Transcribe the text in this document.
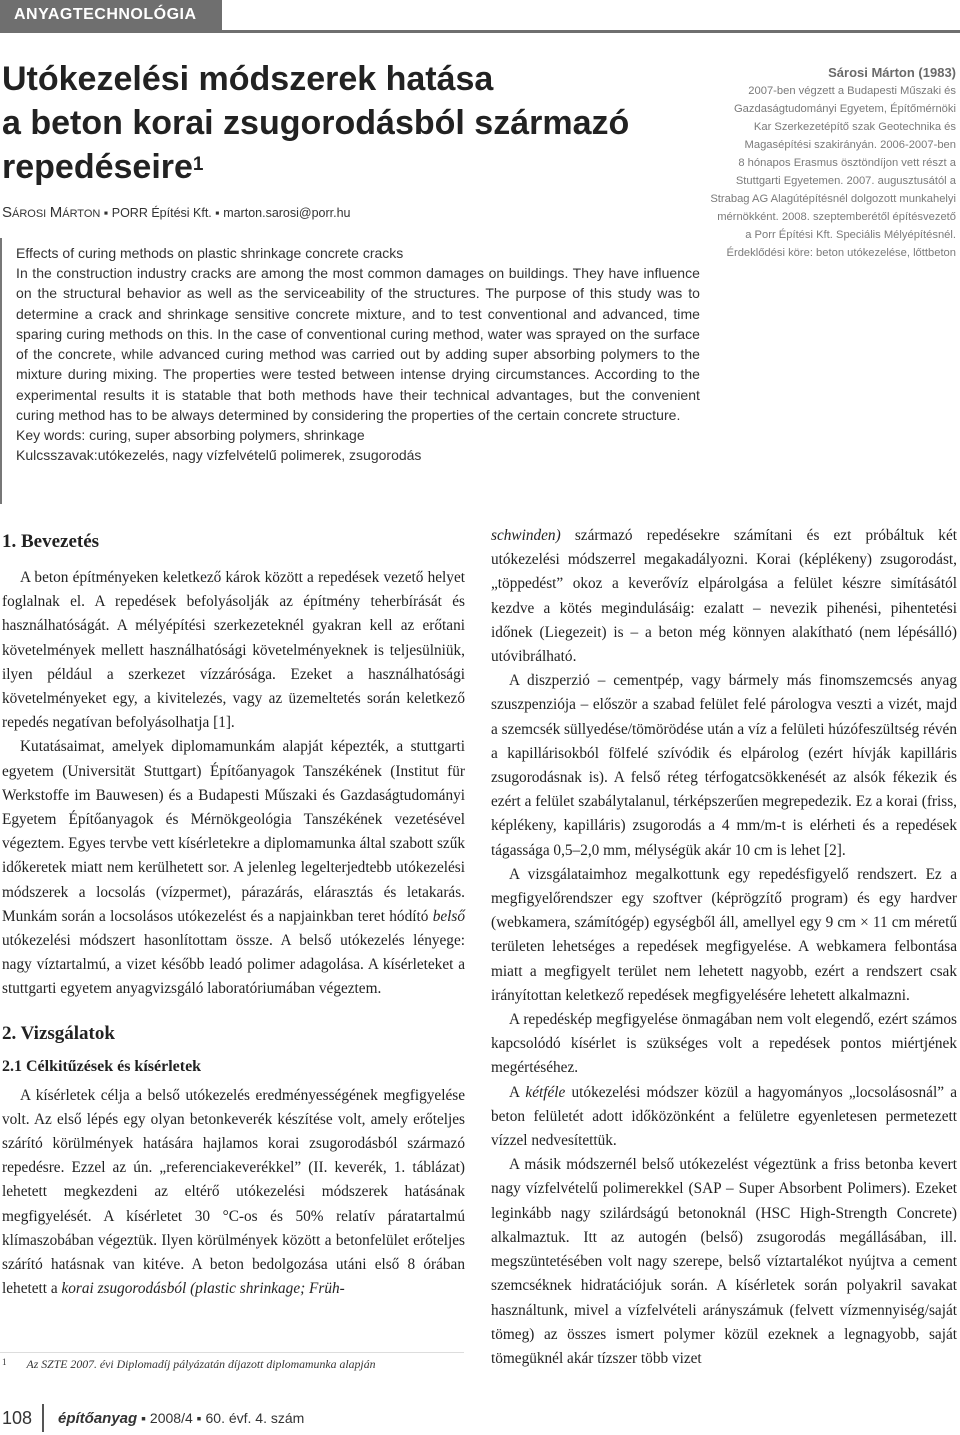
ANYAGTECHNOLÓGIA
Utókezelési módszerek hatása
a beton korai zsugorodásból származó
repedéseire$^1$
Sárosi Márton ▪ PORR Építési Kft. ▪ marton.sarosi@porr.hu
Sárosi Márton (1983)
2007-ben végzett a Budapesti Műszaki és
Gazdaságtudományi Egyetem, Építőmérnöki
Kar Szerkezetépítő szak Geotechnika és
Magasépítési szakirányán. 2006-2007-ben
8 hónapos Erasmus ösztöndíjon vett részt a
Stuttgarti Egyetemen. 2007. augusztusától a
Strabag AG Alagútépítésnél dolgozott munkahelyi
mérnökként. 2008. szeptemberétől építésvezető
a Porr Építési Kft. Speciális Mélyépítésnél.
Érdeklődési köre: beton utókezelése, lőttbeton
Effects of curing methods on plastic shrinkage concrete cracks
In the construction industry cracks are among the most common damages on buildings. They have influence on the structural behavior as well as the serviceability of the structures. The purpose of this study was to determine a crack and shrinkage sensitive concrete mixture, and to test conventional and advanced, time sparing curing methods on this. In the case of conventional curing method, water was sprayed on the surface of the concrete, while advanced curing method was carried out by adding super absorbing polymers to the mixture during mixing. The properties were tested between intense drying circumstances. According to the experimental results it is statable that both methods have their technical advantages, but the convenient curing method has to be always determined by considering the properties of the certain concrete structure.
Key words: curing, super absorbing polymers, shrinkage
Kulcsszavak:utókezelés, nagy vízfelvételű polimerek, zsugorodás
1. Bevezetés

A beton építményeken keletkező károk között a repedések vezető helyet foglalnak el. A repedések befolyásolják az építmény teherbírását és használhatóságát. A mélyépítési szerkezeteknél gyakran kell az erőtani követelmények mellett használhatósági követelményeknek is teljesülniük, ilyen például a szerkezet vízzárósága. Ezeket a használhatósági követelményeket egy, a kivitelezés, vagy az üzemeltetés során keletkező repedés negatívan befolyásolhatja [1].

Kutatásaimat, amelyek diplomamunkám alapját képezték, a stuttgarti egyetem (Universität Stuttgart) Építőanyagok Tanszékének (Institut für Werkstoffe im Bauwesen) és a Budapesti Műszaki és Gazdaságtudományi Egyetem Építőanyagok és Mérnökgeológia Tanszékének vezetésével végeztem. Egyes tervbe vett kísérletekre a diplomamunka által szabott szűk időkeretek miatt nem kerülhetett sor. A jelenleg legelterjedtebb utókezelési módszerek a locsolás (vízpermet), párazárás, elárasztás és letakarás. Munkám során a locsolásos utókezelést és a napjainkban teret hódító belső utókezelési módszert hasonlítottam össze. A belső utókezelés lényege: nagy víztartalmú, a vizet később leadó polimer adagolása. A kísérleteket a stuttgarti egyetem anyagvizsgáló laboratóriumában végeztem.

2. Vizsgálatok
2.1 Célkitűzések és kísérletek

A kísérletek célja a belső utókezelés eredményességének megfigyelése volt. Az első lépés egy olyan betonkeverék készítése volt, amely erőteljes szárító körülmények hatására hajlamos korai zsugorodásból származó repedésre. Ezzel az ún. „referenciakeverékkel” (II. keverék, 1. táblázat) lehetett megkezdeni az eltérő utókezelési módszerek hatásának megfigyelését. A kísérletet 30 °C-os és 50% relatív páratartalmú klímaszobában végeztük. Ilyen körülmények között a betonfelület erőteljes szárító hatásnak van kitéve. A beton bedolgozása utáni első 8 órában lehetett a korai zsugorodásból (plastic shrinkage; Früh-

schwinden) származó repedésekre számítani és ezt próbáltuk két utókezelési módszerrel megakadályozni. Korai (képlékeny) zsugorodást, „töppedést” okoz a keverővíz elpárolgása a felület készre simításától kezdve a kötés megindulásáig: ezalatt – nevezik pihenési, pihentetési időnek (Liegezeit) is – a beton még könnyen alakítható (nem lépésálló) utóvibrálható.

A diszperzió – cementpép, vagy bármely más finomszemcsés anyag szuszpenziója – először a szabad felület felé párologva veszti a vizét, majd a szemcsék süllyedése/tömörödése után a víz a felületi húzófeszültség révén a kapillárisokból fölfelé szívódik és elpárolog (ezért hívják kapilláris zsugorodásnak is). A felső réteg térfogatcsökkenését az alsók fékezik és ezért a felület szabálytalanul, térképszerűen megrepedezik. Ez a korai (friss, képlékeny, kapilláris) zsugorodás a 4 mm/m-t is elérheti és a repedések tágassága 0,5–2,0 mm, mélységük akár 10 cm is lehet [2].

A vizsgálataimhoz megalkottunk egy repedésfigyelő rendszert. Ez a megfigyelőrendszer egy szoftver (képrögzítő program) és egy hardver (webkamera, számítógép) egységből áll, amellyel egy 9 cm × 11 cm méretű területen lehetséges a repedések megfigyelése. A webkamera felbontása miatt a megfigyelt terület nem lehetett nagyobb, ezért a rendszert csak irányítottan keletkező repedések megfigyelésére lehetett alkalmazni.

A repedéskép megfigyelése önmagában nem volt elegendő, ezért számos kapcsolódó kísérlet is szükséges volt a repedések pontos miértjének megértéséhez.

A kétféle utókezelési módszer közül a hagyományos „locsolásosnál” a beton felületét adott időközönként a felületre egyenletesen permetezett vízzel nedvesítettük.

A másik módszernél belső utókezelést végeztünk a friss betonba kevert nagy vízfelvételű polimerekkel (SAP – Super Absorbent Polimers). Ezeket leginkább nagy szilárdságú betonoknál (HSC High-Strength Concrete) alkalmaztuk. Itt az autogén (belső) zsugorodás megállásában, ill. megszüntetésében volt nagy szerepe, belső víztartalékot nyújtva a cement szemcséknek hidratációjuk során. A kísérletek során polyakril savakat használtunk, mivel a vízfelvételi arányszámuk (felvett vízmennyiség/saját tömeg) az összes ismert polymer közül ezeknek a legnagyobb, saját tömegüknél akár tízszer több vizet

$^1$ Az SZTE 2007. évi Diplomadíj pályázatán díjazott diplomamunka alapján
108	építőanyag
▪ 2008/4 ▪ 60. évf. 4. szám
